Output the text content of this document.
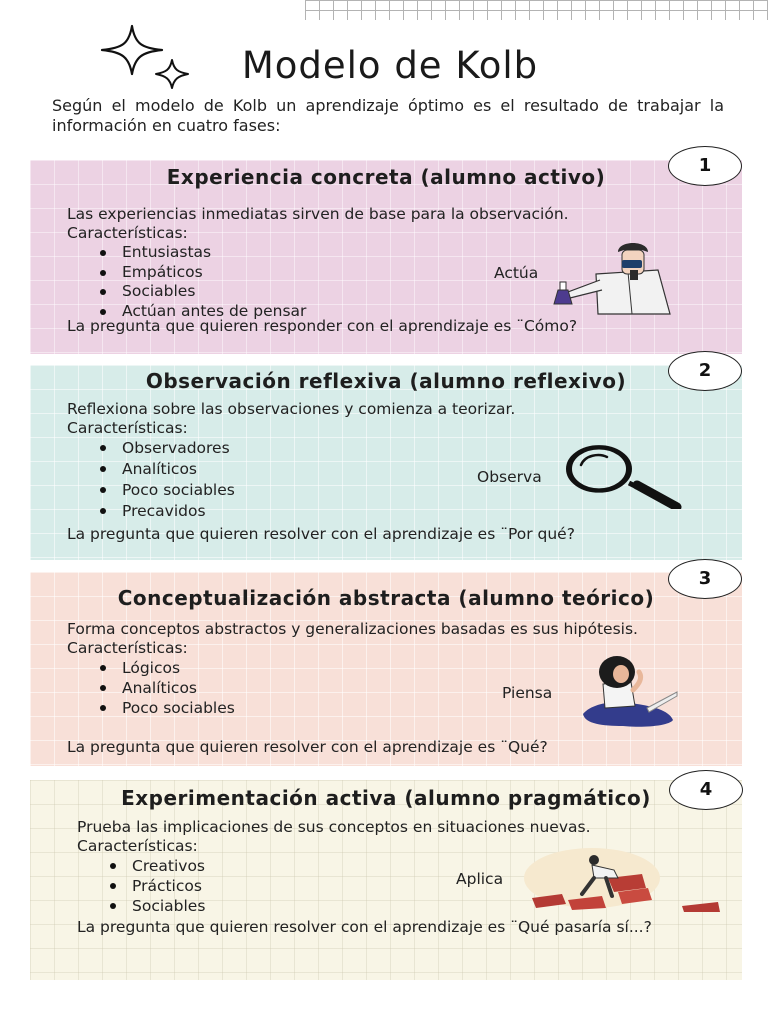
Modelo de Kolb

Según el modelo de Kolb un aprendizaje óptimo es el resultado de trabajar la información en cuatro fases:

Experiencia concreta (alumno activo)

Las experiencias inmediatas sirven de base para la observación.

Características:

Entusiastas
Empáticos
Sociables
Actúan antes de pensar

La pregunta que quieren responder con el aprendizaje es ¨Cómo?

Actúa

1
Observación reflexiva (alumno reflexivo)

Reflexiona sobre las observaciones y comienza a teorizar.

Características:

Observadores
Analíticos
Poco sociables
Precavidos

La pregunta que quieren resolver con el aprendizaje es ¨Por qué?

Observa

2
Conceptualización abstracta (alumno teórico)

Forma conceptos abstractos y generalizaciones basadas es sus hipótesis.

Características:

Lógicos
Analíticos
Poco sociables

La pregunta que quieren resolver con el aprendizaje es ¨Qué?

Piensa

3
Experimentación activa (alumno pragmático)

Prueba las implicaciones de sus conceptos en situaciones nuevas.

Características:

Creativos
Prácticos
Sociables

La pregunta que quieren resolver con el aprendizaje es ¨Qué pasaría sí...?

Aplica

4
